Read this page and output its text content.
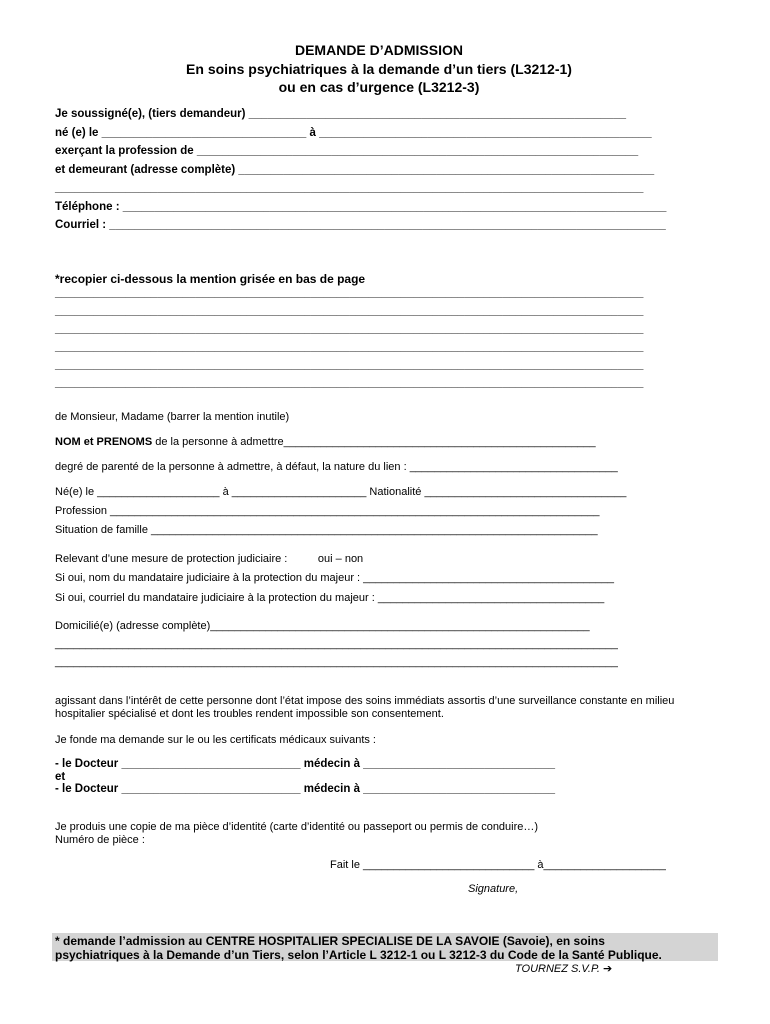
DEMANDE D’ADMISSION
En soins psychiatriques à la demande d’un tiers (L3212-1)
ou en cas d’urgence (L3212-3)
Je soussigné(e), (tiers demandeur) ___________________________________________________________
né (e) le ________________________________ à ____________________________________________________
exerçant la profession de _____________________________________________________________________
et demeurant (adresse complète) _________________________________________________________________
____________________________________________________________________________________________
Téléphone : _____________________________________________________________________________________
Courriel : _______________________________________________________________________________________
*recopier ci-dessous la mention grisée en bas de page
____________________________________________________________________________________________
____________________________________________________________________________________________
____________________________________________________________________________________________
____________________________________________________________________________________________
____________________________________________________________________________________________
____________________________________________________________________________________________
de Monsieur, Madame (barrer la mention inutile)
NOM et PRENOMS de la personne à admettre___________________________________________________
degré de parenté de la personne à admettre, à défaut, la nature du lien : __________________________________
Né(e) le ____________________ à ______________________ Nationalité _________________________________
Profession ________________________________________________________________________________
Situation de famille _________________________________________________________________________
Relevant d’une mesure de protection judiciaire :          oui – non
Si oui, nom du mandataire judiciaire à la protection du majeur : _________________________________________
Si oui, courriel du mandataire judiciaire à la protection du majeur : _____________________________________
Domicilié(e) (adresse complète)______________________________________________________________
____________________________________________________________________________________________
____________________________________________________________________________________________
agissant dans l’intérêt de cette personne dont l’état impose des soins immédiats assortis d’une surveillance constante en milieu
hospitalier spécialisé et dont les troubles rendent impossible son consentement.
Je fonde ma demande sur le ou les certificats médicaux suivants :
- le Docteur ____________________________ médecin à ______________________________
et
- le Docteur ____________________________ médecin à ______________________________
Je produis une copie de ma pièce d’identité (carte d’identité ou passeport ou permis de conduire…)
Numéro de pièce :
Fait le ____________________________ à____________________
Signature,
* demande l’admission au CENTRE HOSPITALIER SPECIALISE DE LA SAVOIE (Savoie), en soins
psychiatriques à la Demande d’un Tiers, selon l’Article L 3212-1 ou L 3212-3 du Code de la Santé Publique.
TOURNEZ S.V.P. ➔
